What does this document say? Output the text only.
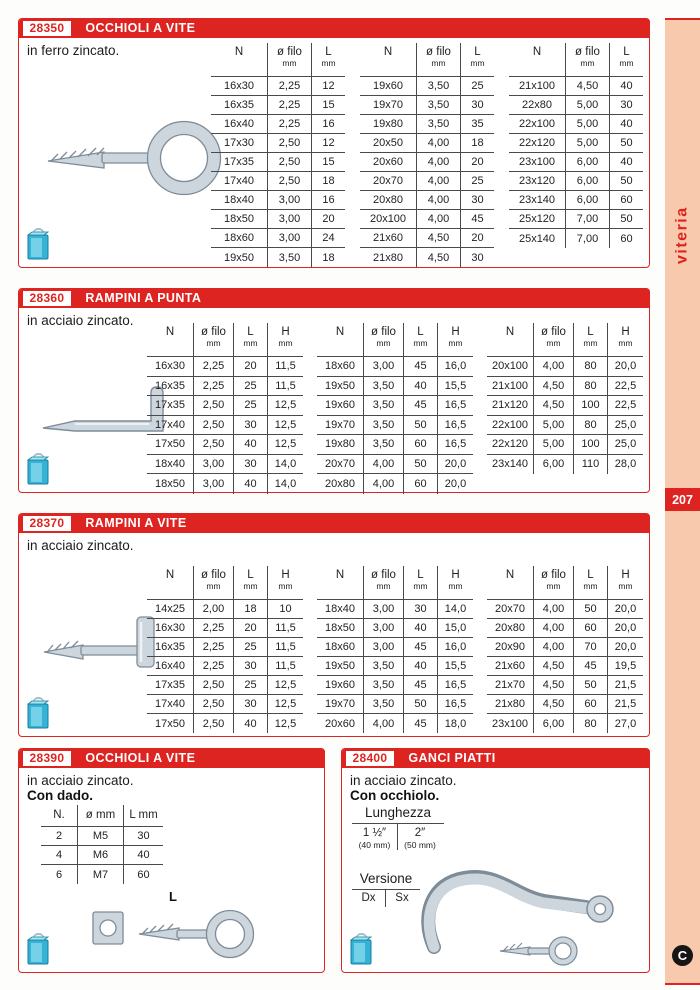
28350	OCCHIOLI A VITE
in ferro zincato.	N	ø filo
mm
L
mm
16x30	2,25	12
16x35	2,25	15
16x40	2,25	16
17x30	2,50	12
17x35	2,50	15
17x40	2,50	18
18x40	3,00	16
18x50	3,00	20
18x60	3,00	24
19x50	3,50	18
N	ø filo
mm
L
mm
19x60	3,50	25
19x70	3,50	30
19x80	3,50	35
20x50	4,00	18
20x60	4,00	20
20x70	4,00	25
20x80	4,00	30
20x100	4,00	45
21x60	4,50	20
21x80	4,50	30
N	ø filo
mm
L
mm
21x100	4,50	40
22x80	5,00	30
22x100	5,00	40
22x120	5,00	50
23x100	6,00	40
23x120	6,00	50
23x140	6,00	60
25x120	7,00	50
25x140	7,00	60
28360	RAMPINI A PUNTA
in acciaio zincato.
N ø filo
mm
L
mm
H
mm
16x30	2,25	20	11,5
16x35	2,25	25	11,5
17x35	2,50	25	12,5
17x40	2,50	30	12,5
17x50	2,50	40	12,5
18x40	3,00	30	14,0
18x50	3,00	40	14,0
N ø filo
mm
L
mm
H
mm
18x60	3,00	45	16,0
19x50	3,50	40	15,5
19x60	3,50	45	16,5
19x70	3,50	50	16,5
19x80	3,50	60	16,5
20x70	4,00	50	20,0
20x80	4,00	60	20,0
N ø filo
mm
L
mm
H
mm
20x100	4,00	80	20,0
21x100	4,50	80	22,5
21x120	4,50	100	22,5
22x100	5,00	80	25,0
22x120	5,00	100	25,0
23x140	6,00	110	28,0
28370	RAMPINI A VITE
in acciaio zincato.
N ø filo
mm
L
mm
H
mm
14x25	2,00	18	10
16x30	2,25	20	11,5
16x35	2,25	25	11,5
16x40	2,25	30	11,5
17x35	2,50	25	12,5
17x40	2,50	30	12,5
17x50	2,50	40	12,5
N ø filo
mm
L
mm
H
mm
18x40	3,00	30	14,0
18x50	3,00	40	15,0
18x60	3,00	45	16,0
19x50	3,50	40	15,5
19x60	3,50	45	16,5
19x70	3,50	50	16,5
20x60	4,00	45	18,0
N ø filo
mm
L
mm
H
mm
20x70	4,00	50	20,0
20x80	4,00	60	20,0
20x90	4,00	70	20,0
21x60	4,50	45	19,5
21x70	4,50	50	21,5
21x80	4,50	60	21,5
23x100	6,00	80	27,0
28390	OCCHIOLI A VITE
in acciaio zincato.
Con dado.
N. ø mm L mm
2	M5	30
4	M6	40
6	M7	60
L
28400	GANCI PIATTI
in acciaio zincato.
Con occhiolo.
Lunghezza
1 ½″
(40 mm)
2″
(50 mm)
Versione
Dx	Sx
viteria
207
C
